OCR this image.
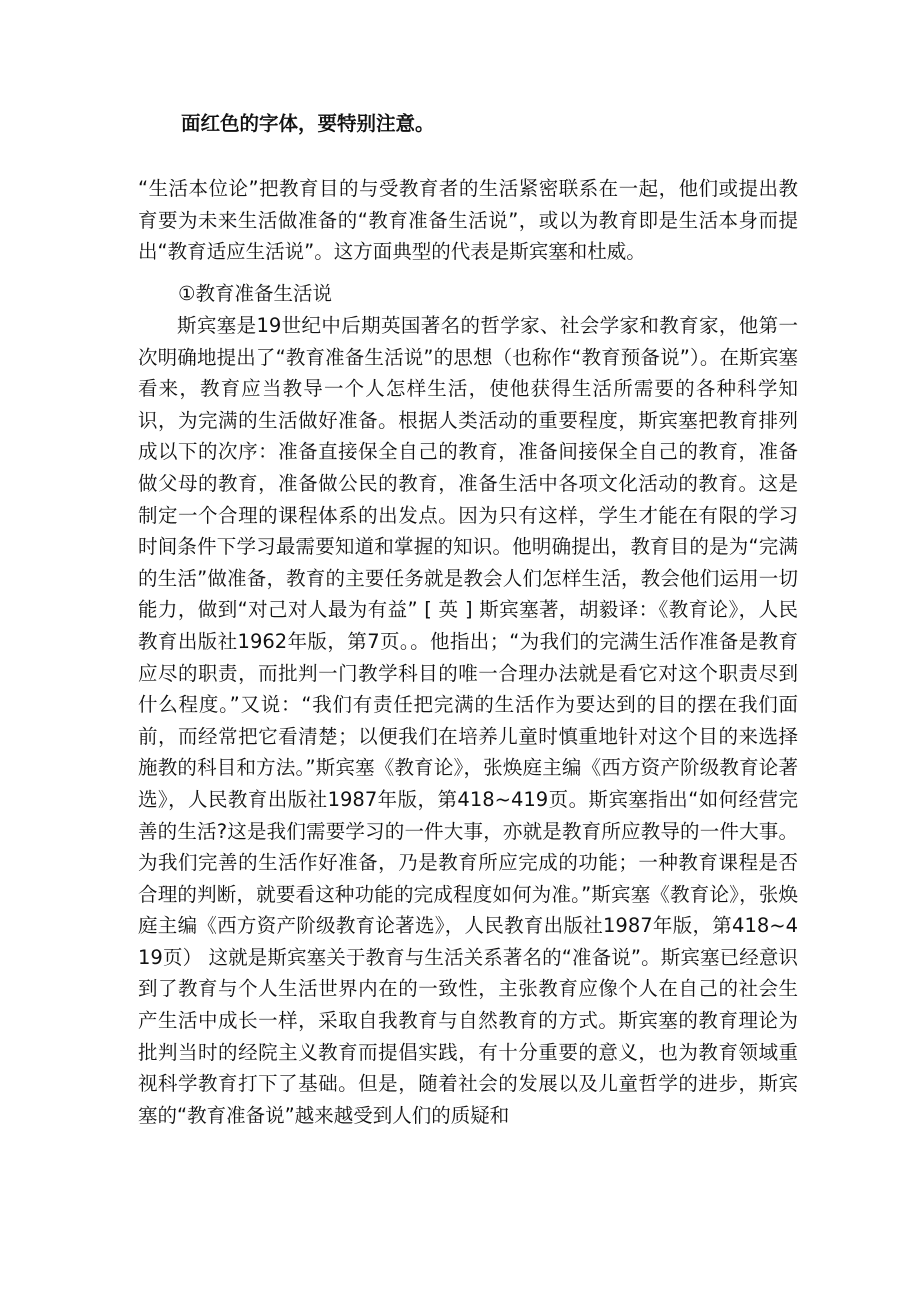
面红色的字体，要特别注意。
“生活本位论”把教育目的与受教育者的生活紧密联系在一起，他们或提出教育要为未来生活做准备的“教育准备生活说”，或以为教育即是生活本身而提出“教育适应生活说”。这方面典型的代表是斯宾塞和杜威。
①教育准备生活说
斯宾塞是19世纪中后期英国著名的哲学家、社会学家和教育家，他第一次明确地提出了“教育准备生活说”的思想（也称作“教育预备说”）。在斯宾塞看来，教育应当教导一个人怎样生活，使他获得生活所需要的各种科学知识，为完满的生活做好准备。根据人类活动的重要程度，斯宾塞把教育排列成以下的次序：准备直接保全自己的教育，准备间接保全自己的教育，准备做父母的教育，准备做公民的教育，准备生活中各项文化活动的教育。这是制定一个合理的课程体系的出发点。因为只有这样，学生才能在有限的学习时间条件下学习最需要知道和掌握的知识。他明确提出，教育目的是为“完满的生活”做准备，教育的主要任务就是教会人们怎样生活，教会他们运用一切能力，做到“对己对人最为有益” [ 英 ] 斯宾塞著，胡毅译：《教育论》，人民教育出版社1962年版，第7页。。他指出；“为我们的完满生活作准备是教育应尽的职责，而批判一门教学科目的唯一合理办法就是看它对这个职责尽到什么程度。”又说：“我们有责任把完满的生活作为要达到的目的摆在我们面前，而经常把它看清楚；以便我们在培养儿童时慎重地针对这个目的来选择施教的科目和方法。”斯宾塞《教育论》，张焕庭主编《西方资产阶级教育论著选》，人民教育出版社1987年版，第418~419页。斯宾塞指出“如何经营完善的生活?这是我们需要学习的一件大事，亦就是教育所应教导的一件大事。为我们完善的生活作好准备，乃是教育所应完成的功能；一种教育课程是否合理的判断，就要看这种功能的完成程度如何为准。”斯宾塞《教育论》，张焕庭主编《西方资产阶级教育论著选》，人民教育出版社1987年版，第418~419页） 这就是斯宾塞关于教育与生活关系著名的“准备说”。斯宾塞已经意识到了教育与个人生活世界内在的一致性，主张教育应像个人在自己的社会生产生活中成长一样，采取自我教育与自然教育的方式。斯宾塞的教育理论为批判当时的经院主义教育而提倡实践，有十分重要的意义，也为教育领域重视科学教育打下了基础。但是，随着社会的发展以及儿童哲学的进步，斯宾塞的“教育准备说”越来越受到人们的质疑和
